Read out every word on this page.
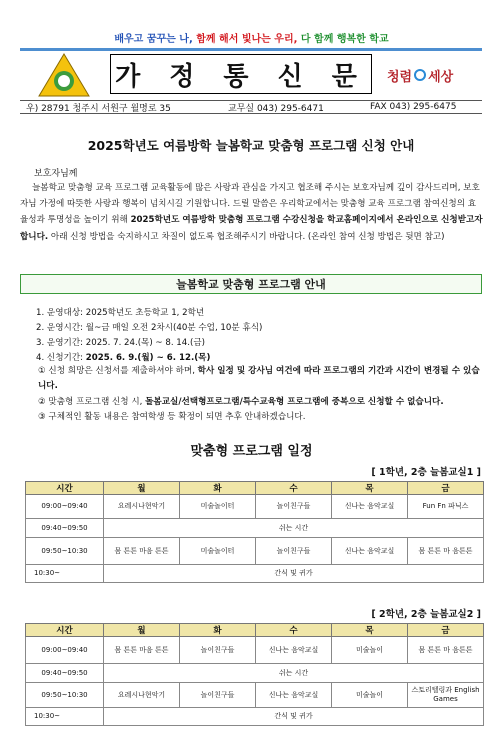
배우고 꿈꾸는 나, 함께 해서 빛나는 우리, 다 함께 행복한 학교
가 정 통 신 문	청렴 세상
우) 28791 청주시 서원구 월명로 35	교무실 043) 295-6471	FAX 043) 295-6475
2025학년도 여름방학 늘봄학교 맞춤형 프로그램 신청 안내
보호자님께
늘봄학교 맞춤형 교육 프로그램 교육활동에 많은 사랑과 관심을 가지고 협조해 주시는 보호자님께 깊이 감사드리며, 보호자님 가정에 따뜻한 사랑과 행복이 넘치시길 기원합니다. 드릴 말씀은 우리학교에서는 맞춤형 교육 프로그램 참여신청의 효율성과 투명성을 높이기 위해 2025학년도 여름방학 맞춤형 프로그램 수강신청을 학교홈페이지에서 온라인으로 신청받고자 합니다. 아래 신청 방법을 숙지하시고 차질이 없도록 협조해주시기 바랍니다. (온라인 참여 신청 방법은 뒷면 참고)
늘봄학교 맞춤형 프로그램 안내
1. 운영대상: 2025학년도 초등학교 1, 2학년
2. 운영시간: 월~금 매일 오전 2차시(40분 수업, 10분 휴식)
3. 운영기간: 2025. 7. 24.(목) ~ 8. 14.(금)
4. 신청기간: 2025. 6. 9.(월) ~ 6. 12.(목)
① 신청 희망은 신청서를 제출하셔야 하며, 학사 일정 및 강사님 여건에 따라 프로그램의 기간과 시간이 변경될 수 있습니다.
② 맞춤형 프로그램 신청 시, 돌봄교실/선택형프로그램/특수교육형 프로그램에 중복으로 신청할 수 없습니다.
③ 구체적인 활동 내용은 참여학생 등 확정이 되면 추후 안내하겠습니다.
맞춤형 프로그램 일정
[ 1학년, 2층 늘봄교실1 ]
시간	월	화	수	목	금
09:00~09:40	요레시나현악기	미술놀이터	놀이친구들	신나는 음악교실	Fun Fn 파닉스
09:40~09:50	쉬는 시간				
09:50~10:30	몸 튼튼 마음 튼튼	미술놀이터	놀이친구들	신나는 음악교실	몸 튼튼 마 음튼튼
10:30~	간식 및 귀가				
[ 2학년, 2층 늘봄교실2 ]
시간	월	화	수	목	금
09:00~09:40	몸 튼튼 마음 튼튼	놀이친구들	신나는 음악교실	미술놀이	몸 튼튼 마 음튼튼
09:40~09:50	쉬는 시간				
09:50~10:30	요레시나현악기	놀이친구들	신나는 음악교실	미술놀이	스토리텔링과 English Games
10:30~	간식 및 귀가				
